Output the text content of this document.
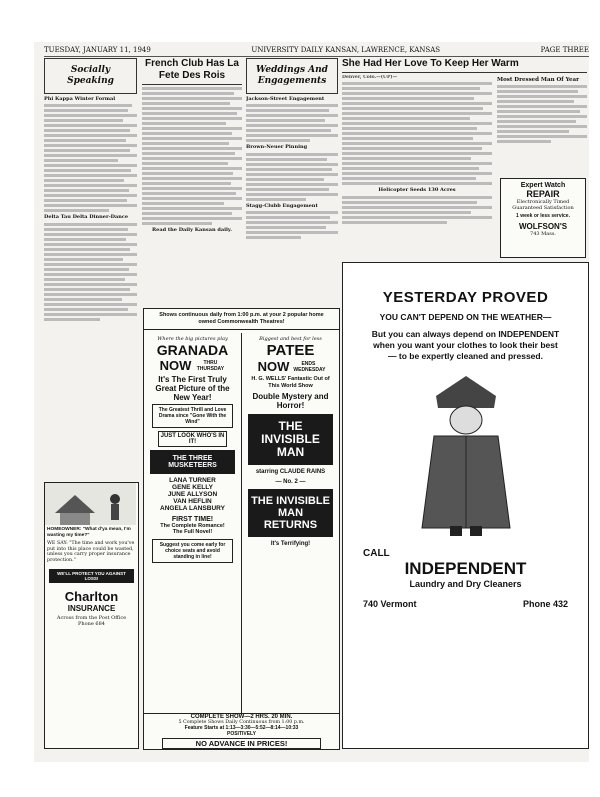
TUESDAY, JANUARY 11, 1949	UNIVERSITY DAILY KANSAN, LAWRENCE, KANSAS	PAGE THREE
Socially
Speaking
Phi Kappa Winter Formal
Delta Tau Delta Dinner-Dance
HOMEOWNER: "What d'ya mean, I'm wasting my time?"
WE SAY: "The time and work you've put into this place could be wasted, unless you carry proper insurance protection."
WE'LL PROTECT YOU AGAINST LOSS!
Charlton
INSURANCE
Across from the Post Office
Phone 684
French Club Has La Fete Des Rois
Read the Daily Kansan daily.
Weddings And
Engagements
Jackson-Street Engagement
Brown-Neuer Pinning
Stagg-Clubb Engagement
She Had Her Love To Keep Her Warm
Denver, Colo.—(UP)—
Helicopter Seeds 130 Acres
Most Dressed Man Of Year
Expert Watch
REPAIR
Electronically Timed
Guaranteed Satisfaction
1 week or less service.
WOLFSON'S
743 Mass.
Shows continuous daily from 1:00 p.m. at your 2 popular home owned Commonwealth Theatres!
Where the big pictures play
GRANADA
NOW	THRU THURSDAY
It's The First Truly Great Picture of the New Year!
The Greatest Thrill and Love Drama since "Gone With the Wind"
JUST LOOK WHO'S IN IT!
THE THREE MUSKETEERS
LANA TURNER
GENE KELLY
JUNE ALLYSON
VAN HEFLIN
ANGELA LANSBURY
FIRST TIME!
The Complete Romance!
The Full Novel!
Suggest you come early for choice seats and avoid standing in line!
Biggest and best for less
PATEE
NOW	ENDS WEDNESDAY
H. G. WELLS' Fantastic Out of This World Show
Double Mystery and Horror!
THE INVISIBLE MAN
starring CLAUDE RAINS
— No. 2 —
THE INVISIBLE MAN RETURNS
It's Terrifying!
COMPLETE SHOW—2 HRS. 20 MIN.
5 Complete Shows Daily Continuous from 1:00 p.m.
Feature Starts at 1:13—3:30—5:52—8:14—10:33
POSITIVELY
NO ADVANCE IN PRICES!
YESTERDAY PROVED
YOU CAN'T DEPEND ON THE WEATHER—
But you can always depend on INDEPENDENT when you want your clothes to look their best — to be expertly cleaned and pressed.
CALL
INDEPENDENT
Laundry and Dry Cleaners
740 Vermont	Phone 432
